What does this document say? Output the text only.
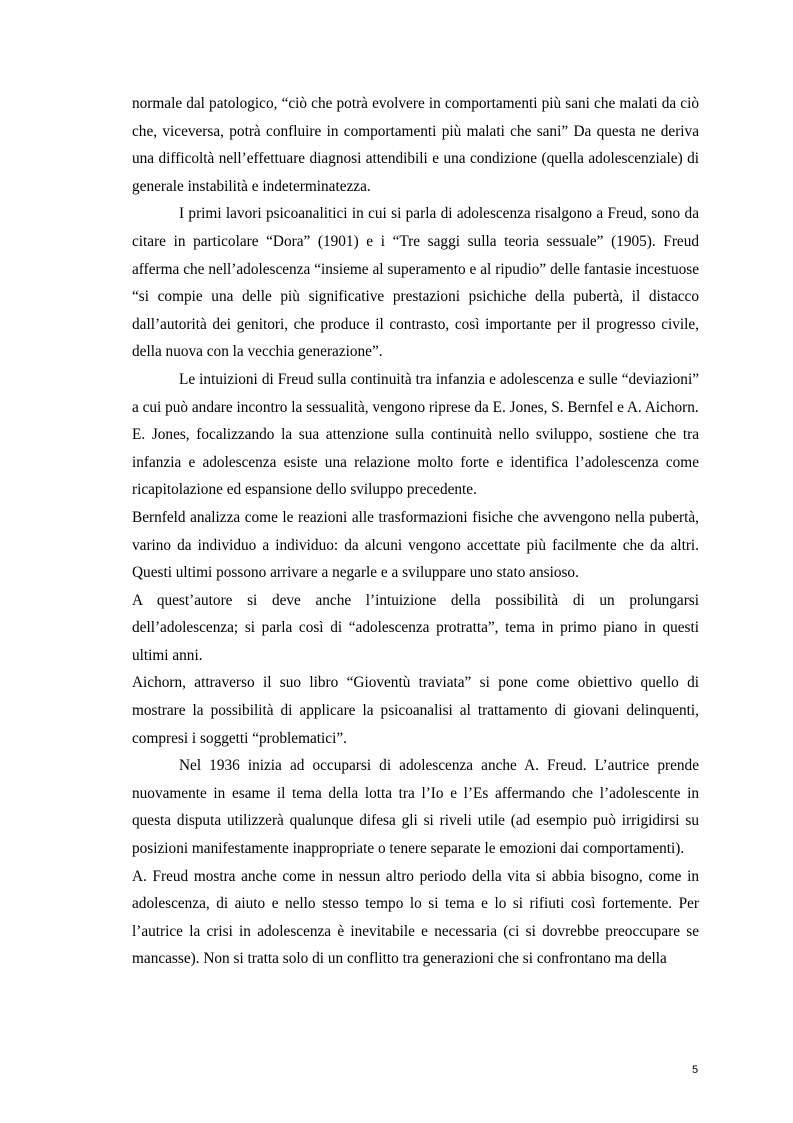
normale dal patologico, “ciò che potrà evolvere in comportamenti più sani che malati da ciò che, viceversa, potrà confluire in comportamenti più malati che sani” Da questa ne deriva una difficoltà nell’effettuare diagnosi attendibili e una condizione (quella adolescenziale) di generale instabilità e indeterminatezza.

I primi lavori psicoanalitici in cui si parla di adolescenza risalgono a Freud, sono da citare in particolare “Dora” (1901) e i “Tre saggi sulla teoria sessuale” (1905). Freud afferma che nell’adolescenza “insieme al superamento e al ripudio” delle fantasie incestuose “si compie una delle più significative prestazioni psichiche della pubertà, il distacco dall’autorità dei genitori, che produce il contrasto, così importante per il progresso civile, della nuova con la vecchia generazione”.

Le intuizioni di Freud sulla continuità tra infanzia e adolescenza e sulle “deviazioni” a cui può andare incontro la sessualità, vengono riprese da E. Jones, S. Bernfel e A. Aichorn.

E. Jones, focalizzando la sua attenzione sulla continuità nello sviluppo, sostiene che tra infanzia e adolescenza esiste una relazione molto forte e identifica l’adolescenza come ricapitolazione ed espansione dello sviluppo precedente.

Bernfeld analizza come le reazioni alle trasformazioni fisiche che avvengono nella pubertà, varino da individuo a individuo: da alcuni vengono accettate più facilmente che da altri. Questi ultimi possono arrivare a negarle e a sviluppare uno stato ansioso.

A quest’autore si deve anche l’intuizione della possibilità di un prolungarsi dell’adolescenza; si parla così di “adolescenza protratta”, tema in primo piano in questi ultimi anni.

Aichorn, attraverso il suo libro “Gioventù traviata” si pone come obiettivo quello di mostrare la possibilità di applicare la psicoanalisi al trattamento di giovani delinquenti, compresi i soggetti “problematici”.

Nel 1936 inizia ad occuparsi di adolescenza anche A. Freud. L’autrice prende nuovamente in esame il tema della lotta tra l’Io e l’Es affermando che l’adolescente in questa disputa utilizzerà qualunque difesa gli si riveli utile (ad esempio può irrigidirsi su posizioni manifestamente inappropriate o tenere separate le emozioni dai comportamenti).

A. Freud mostra anche come in nessun altro periodo della vita si abbia bisogno, come in adolescenza, di aiuto e nello stesso tempo lo si tema e lo si rifiuti così fortemente. Per l’autrice la crisi in adolescenza è inevitabile e necessaria (ci si dovrebbe preoccupare se mancasse). Non si tratta solo di un conflitto tra generazioni che si confrontano ma della

5
